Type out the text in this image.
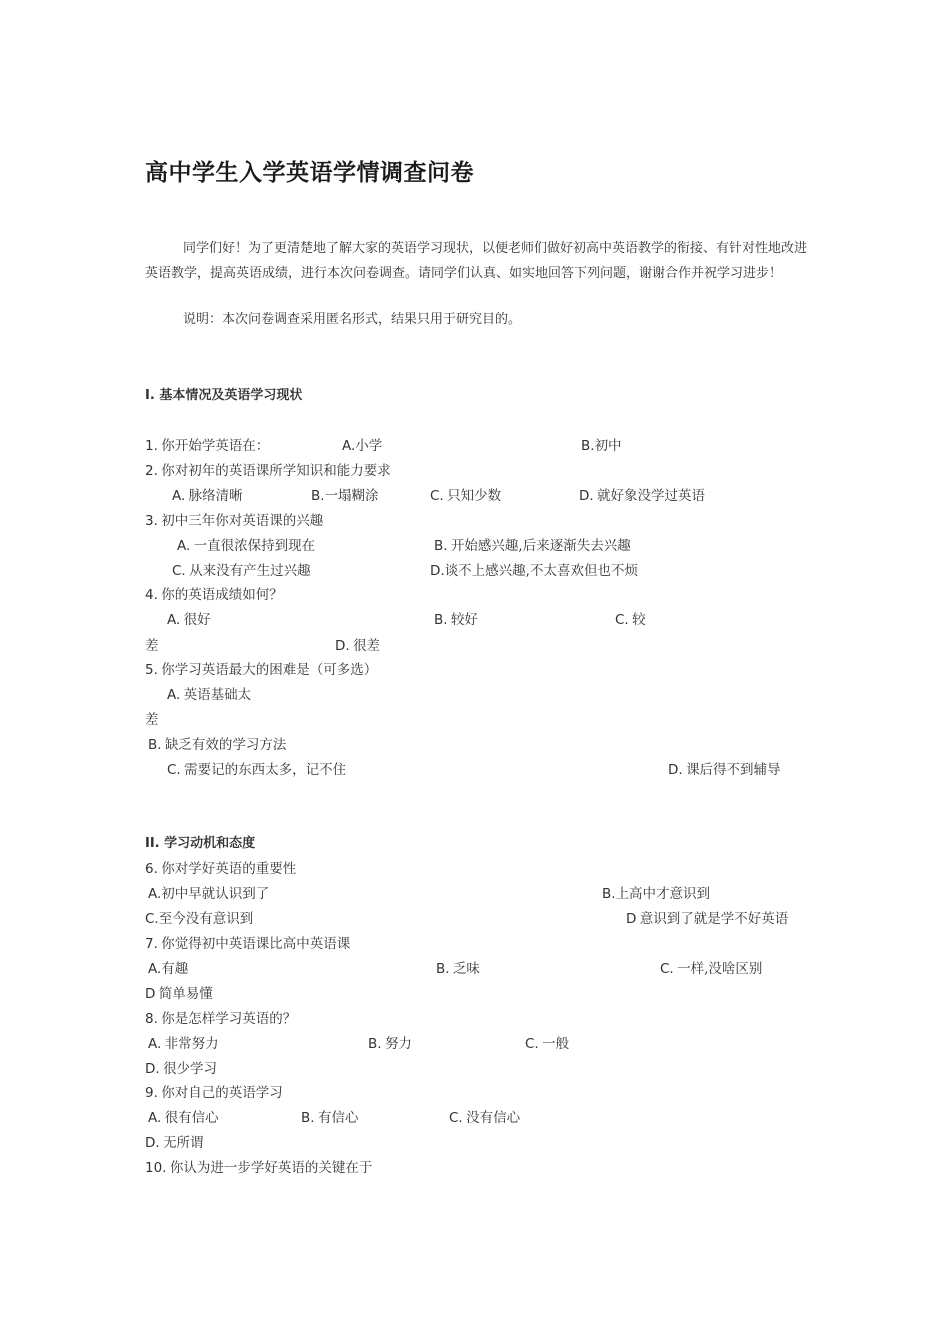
高中学生入学英语学情调查问卷

同学们好！为了更清楚地了解大家的英语学习现状，以便老师们做好初高中英语教学的衔接、有针对性地改进英语教学，提高英语成绩，进行本次问卷调查。请同学们认真、如实地回答下列问题，谢谢合作并祝学习进步！

说明：本次问卷调查采用匿名形式，结果只用于研究目的。
I. 基本情况及英语学习现状
1. 你开始学英语在：	A.小学	B.初中
2. 你对初年的英语课所学知识和能力要求
A. 脉络清晰	B.一塌糊涂	C. 只知少数	D. 就好象没学过英语
3. 初中三年你对英语课的兴趣
A. 一直很浓保持到现在	B. 开始感兴趣,后来逐渐失去兴趣
C. 从来没有产生过兴趣	D.谈不上感兴趣,不太喜欢但也不烦
4. 你的英语成绩如何？
A. 很好	B. 较好	C. 较
差	D. 很差
5. 你学习英语最大的困难是（可多选）
A. 英语基础太
差
B. 缺乏有效的学习方法
C. 需要记的东西太多，记不住	D. 课后得不到辅导
II. 学习动机和态度
6. 你对学好英语的重要性
A.初中早就认识到了	B.上高中才意识到
C.至今没有意识到	D 意识到了就是学不好英语
7. 你觉得初中英语课比高中英语课
A.有趣	B. 乏味	C. 一样,没啥区别
D 简单易懂
8. 你是怎样学习英语的？
A. 非常努力	B. 努力	C. 一般
D. 很少学习
9. 你对自己的英语学习
A. 很有信心	B. 有信心	C. 没有信心
D. 无所谓
10. 你认为进一步学好英语的关键在于
